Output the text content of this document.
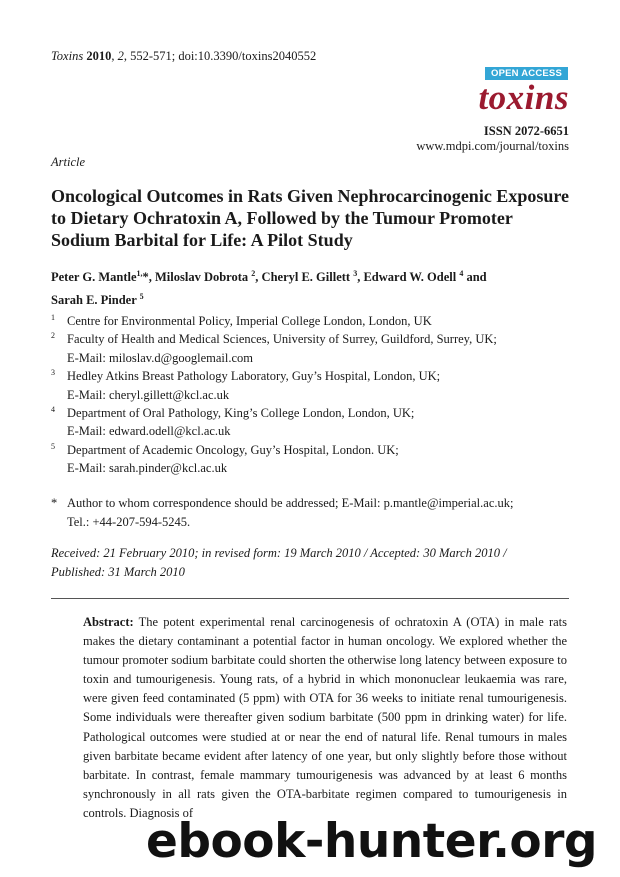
Toxins 2010, 2, 552-571; doi:10.3390/toxins2040552
OPEN ACCESS
toxins
ISSN 2072-6651
www.mdpi.com/journal/toxins
Article
Oncological Outcomes in Rats Given Nephrocarcinogenic Exposure to Dietary Ochratoxin A, Followed by the Tumour Promoter Sodium Barbital for Life: A Pilot Study
Peter G. Mantle$^{1,}$*, Miloslav Dobrota $^2$, Cheryl E. Gillett $^3$, Edward W. Odell $^4$ and
Sarah E. Pinder $^5$
1 Centre for Environmental Policy, Imperial College London, London, UK
2 Faculty of Health and Medical Sciences, University of Surrey, Guildford, Surrey, UK;
E-Mail: miloslav.d@googlemail.com
3 Hedley Atkins Breast Pathology Laboratory, Guy’s Hospital, London, UK;
E-Mail: cheryl.gillett@kcl.ac.uk
4 Department of Oral Pathology, King’s College London, London, UK;
E-Mail: edward.odell@kcl.ac.uk
5 Department of Academic Oncology, Guy’s Hospital, London. UK;
E-Mail: sarah.pinder@kcl.ac.uk
* Author to whom correspondence should be addressed; E-Mail: p.mantle@imperial.ac.uk;
Tel.: +44-207-594-5245.
Received: 21 February 2010; in revised form: 19 March 2010 / Accepted: 30 March 2010 /
Published: 31 March 2010
Abstract: The potent experimental renal carcinogenesis of ochratoxin A (OTA) in male rats makes the dietary contaminant a potential factor in human oncology. We explored whether the tumour promoter sodium barbitate could shorten the otherwise long latency between exposure to toxin and tumourigenesis. Young rats, of a hybrid in which mononuclear leukaemia was rare, were given feed contaminated (5 ppm) with OTA for 36 weeks to initiate renal tumourigenesis. Some individuals were thereafter given sodium barbitate (500 ppm in drinking water) for life. Pathological outcomes were studied at or near the end of natural life. Renal tumours in males given barbitate became evident after latency of one year, but only slightly before those without barbitate. In contrast, female mammary tumourigenesis was advanced by at least 6 months synchronously in all rats given the OTA-barbitate regimen compared to tumourigenesis in controls. Diagnosis of
ebook-hunter.org
